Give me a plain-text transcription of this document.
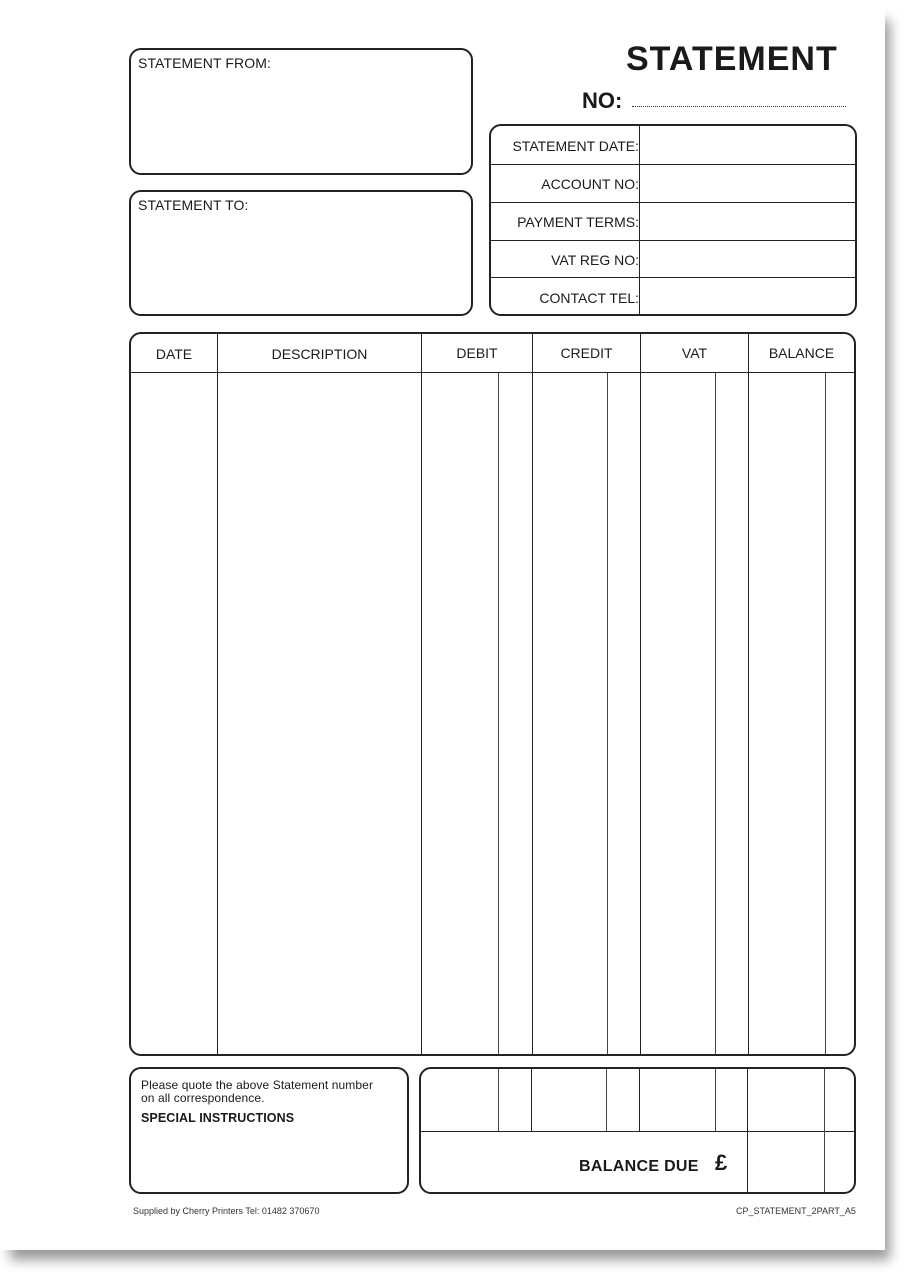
STATEMENT FROM:
STATEMENT TO:
STATEMENT
NO:
STATEMENT DATE:
ACCOUNT NO:
PAYMENT TERMS:
VAT REG NO:
CONTACT TEL:
DATE	DESCRIPTION	DEBIT	CREDIT	VAT	BALANCE
Please quote the above Statement number
on all correspondence.
SPECIAL INSTRUCTIONS
BALANCE DUE £
Supplied by Cherry Printers Tel: 01482 370670	CP_STATEMENT_2PART_A5
